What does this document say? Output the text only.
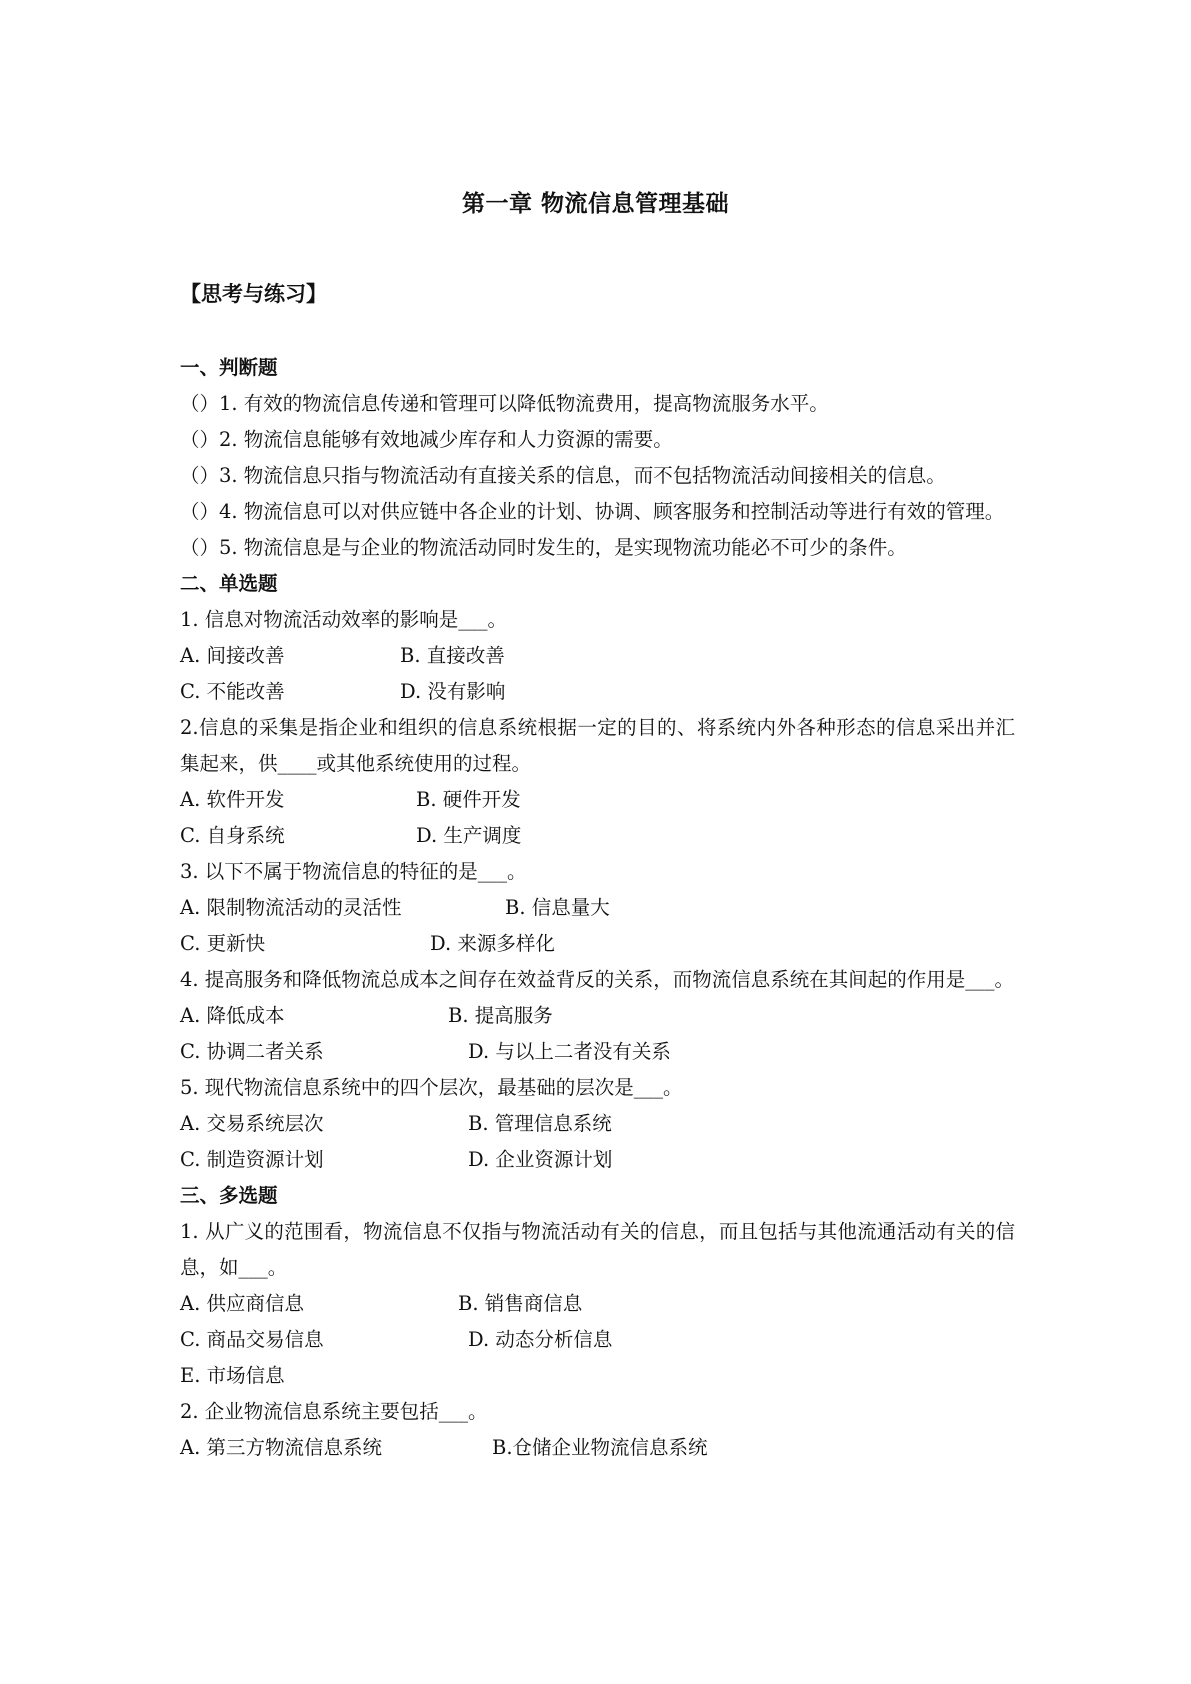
第一章 物流信息管理基础
【思考与练习】
一、判断题
（）1. 有效的物流信息传递和管理可以降低物流费用，提高物流服务水平。
（）2. 物流信息能够有效地减少库存和人力资源的需要。
（）3. 物流信息只指与物流活动有直接关系的信息，而不包括物流活动间接相关的信息。
（）4. 物流信息可以对供应链中各企业的计划、协调、顾客服务和控制活动等进行有效的管理。
（）5. 物流信息是与企业的物流活动同时发生的，是实现物流功能必不可少的条件。
二、单选题
1. 信息对物流活动效率的影响是___。
A. 间接改善	B. 直接改善
C. 不能改善	D. 没有影响
2.信息的采集是指企业和组织的信息系统根据一定的目的、将系统内外各种形态的信息采出并汇集起来，供____或其他系统使用的过程。
A. 软件开发	B. 硬件开发
C. 自身系统	D. 生产调度
3. 以下不属于物流信息的特征的是___。
A. 限制物流活动的灵活性	B. 信息量大
C. 更新快	D. 来源多样化
4. 提高服务和降低物流总成本之间存在效益背反的关系，而物流信息系统在其间起的作用是___。
A. 降低成本	B. 提高服务
C. 协调二者关系	D. 与以上二者没有关系
5. 现代物流信息系统中的四个层次，最基础的层次是___。
A. 交易系统层次	B. 管理信息系统
C. 制造资源计划	D. 企业资源计划
三、多选题
1. 从广义的范围看，物流信息不仅指与物流活动有关的信息，而且包括与其他流通活动有关的信息，如___。
A. 供应商信息	B. 销售商信息
C. 商品交易信息	D. 动态分析信息
E. 市场信息
2. 企业物流信息系统主要包括___。
A. 第三方物流信息系统	B.仓储企业物流信息系统
